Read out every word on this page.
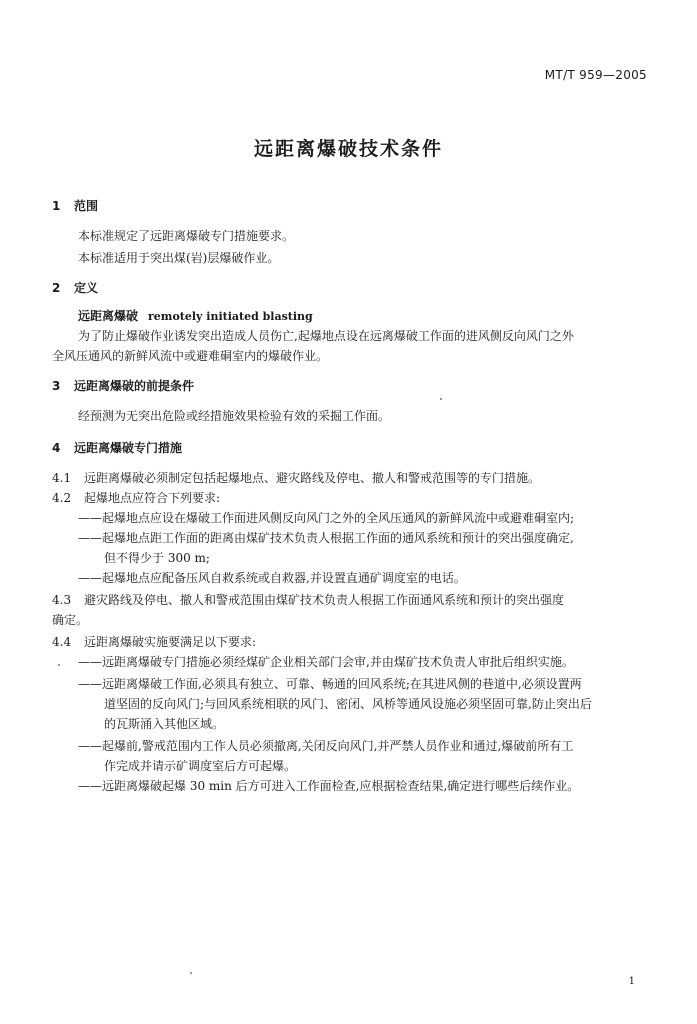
MT/T 959—2005
远距离爆破技术条件
1 范围
本标准规定了远距离爆破专门措施要求。
本标准适用于突出煤(岩)层爆破作业。
2 定义
远距离爆破 remotely initiated blasting
为了防止爆破作业诱发突出造成人员伤亡,起爆地点设在远离爆破工作面的进风侧反向风门之外
全风压通风的新鲜风流中或避难硐室内的爆破作业。
3 远距离爆破的前提条件
经预测为无突出危险或经措施效果检验有效的采掘工作面。
4 远距离爆破专门措施
4.1 远距离爆破必须制定包括起爆地点、避灾路线及停电、撤人和警戒范围等的专门措施。
4.2 起爆地点应符合下列要求:
——起爆地点应设在爆破工作面进风侧反向风门之外的全风压通风的新鲜风流中或避难硐室内;
——起爆地点距工作面的距离由煤矿技术负责人根据工作面的通风系统和预计的突出强度确定,
但不得少于 300 m;
——起爆地点应配备压风自救系统或自救器,并设置直通矿调度室的电话。
4.3 避灾路线及停电、撤人和警戒范围由煤矿技术负责人根据工作面通风系统和预计的突出强度
确定。
4.4 远距离爆破实施要满足以下要求:
——远距离爆破专门措施必须经煤矿企业相关部门会审,并由煤矿技术负责人审批后组织实施。
——远距离爆破工作面,必须具有独立、可靠、畅通的回风系统;在其进风侧的巷道中,必须设置两
道坚固的反向风门;与回风系统相联的风门、密闭、风桥等通风设施必须坚固可靠,防止突出后
的瓦斯涌入其他区域。
——起爆前,警戒范围内工作人员必须撤离,关闭反向风门,并严禁人员作业和通过,爆破前所有工
作完成并请示矿调度室后方可起爆。
——远距离爆破起爆 30 min 后方可进入工作面检查,应根据检查结果,确定进行哪些后续作业。
1
